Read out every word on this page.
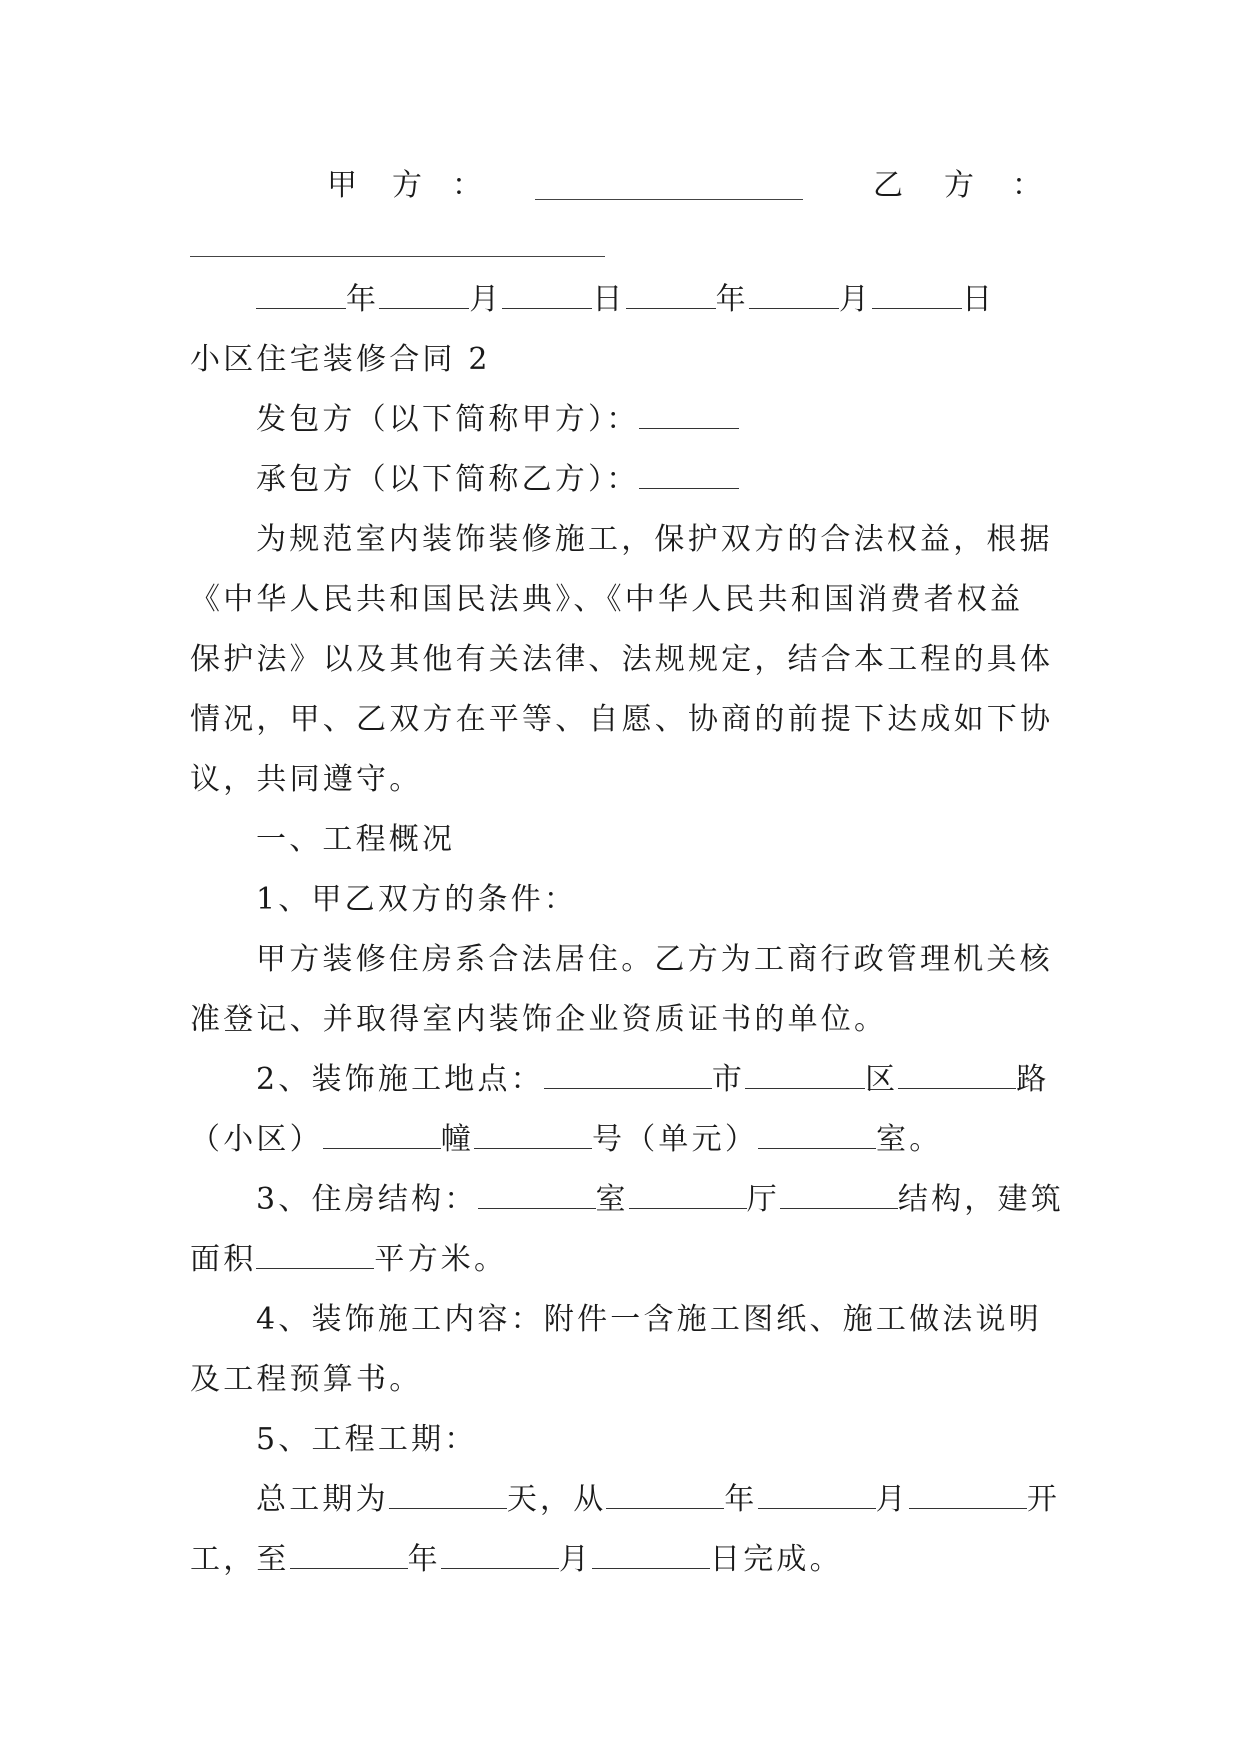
甲 方 ：	乙 方 ：
年	月	日	年	月	日
小区住宅装修合同 2
发包方（以下简称甲方）：
承包方（以下简称乙方）：
为规范室内装饰装修施工，保护双方的合法权益，根据
《中华人民共和国民法典》、《中华人民共和国消费者权益
保护法》以及其他有关法律、法规规定，结合本工程的具体
情况，甲、乙双方在平等、自愿、协商的前提下达成如下协
议，共同遵守。
一、工程概况
1、甲乙双方的条件：
甲方装修住房系合法居住。乙方为工商行政管理机关核
准登记、并取得室内装饰企业资质证书的单位。
2、装饰施工地点：	市	区	路
（小区）	幢	号（单元）	室。
3、住房结构：	室	厅	结构，建筑
面积	平方米。
4、装饰施工内容：附件一含施工图纸、施工做法说明
及工程预算书。
5、工程工期：
总工期为	天，从	年	月	开
工，至	年	月	日完成。
